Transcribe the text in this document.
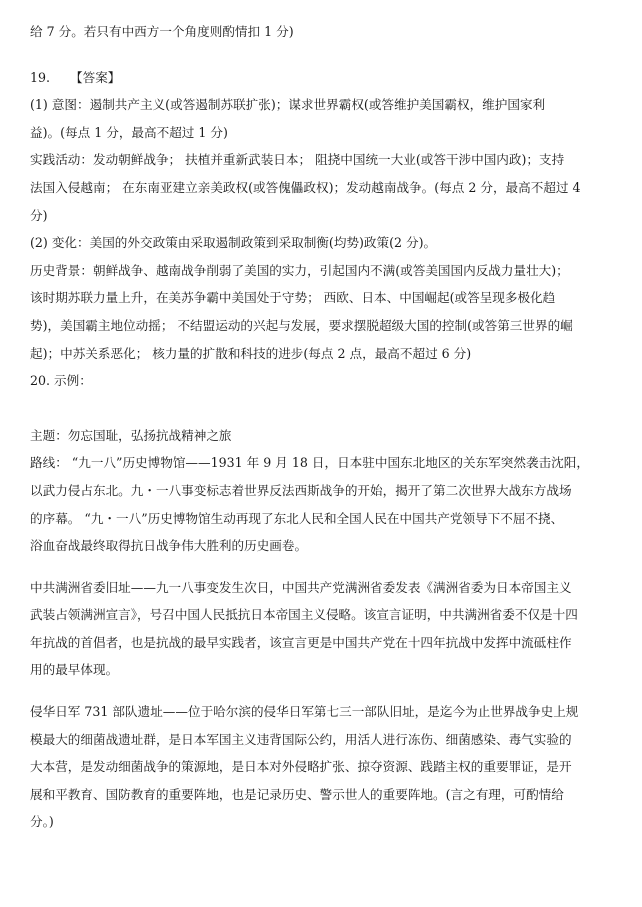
给 7 分。若只有中西方一个角度则酌情扣 1 分)
19. 【答案】
(1) 意图：遏制共产主义(或答遏制苏联扩张)；谋求世界霸权(或答维护美国霸权，维护国家利
益)。(每点 1 分，最高不超过 1 分)
实践活动：发动朝鲜战争； 扶植并重新武装日本； 阻挠中国统一大业(或答干涉中国内政)；支持
法国入侵越南； 在东南亚建立亲美政权(或答傀儡政权)；发动越南战争。(每点 2 分，最高不超过 4
分)
(2) 变化：美国的外交政策由采取遏制政策到采取制衡(均势)政策(2 分)。
历史背景：朝鲜战争、越南战争削弱了美国的实力，引起国内不满(或答美国国内反战力量壮大)；
该时期苏联力量上升，在美苏争霸中美国处于守势； 西欧、日本、中国崛起(或答呈现多极化趋
势)，美国霸主地位动摇； 不结盟运动的兴起与发展，要求摆脱超级大国的控制(或答第三世界的崛
起)；中苏关系恶化； 核力量的扩散和科技的进步(每点 2 点，最高不超过 6 分)
20. 示例：
主题：勿忘国耻，弘扬抗战精神之旅
路线： “九一八”历史博物馆——1931 年 9 月 18 日，日本驻中国东北地区的关东军突然袭击沈阳，
以武力侵占东北。九・一八事变标志着世界反法西斯战争的开始，揭开了第二次世界大战东方战场
的序幕。 “九・一八”历史博物馆生动再现了东北人民和全国人民在中国共产党领导下不屈不挠、
浴血奋战最终取得抗日战争伟大胜利的历史画卷。
中共满洲省委旧址——九一八事变发生次日，中国共产党满洲省委发表《满洲省委为日本帝国主义
武装占领满洲宣言》，号召中国人民抵抗日本帝国主义侵略。该宣言证明，中共满洲省委不仅是十四
年抗战的首倡者，也是抗战的最早实践者，该宣言更是中国共产党在十四年抗战中发挥中流砥柱作
用的最早体现。
侵华日军 731 部队遗址——位于哈尔滨的侵华日军第七三一部队旧址，是迄今为止世界战争史上规
模最大的细菌战遗址群，是日本军国主义违背国际公约，用活人进行冻伤、细菌感染、毒气实验的
大本营，是发动细菌战争的策源地，是日本对外侵略扩张、掠夺资源、践踏主权的重要罪证，是开
展和平教育、国防教育的重要阵地，也是记录历史、警示世人的重要阵地。(言之有理，可酌情给
分。)
